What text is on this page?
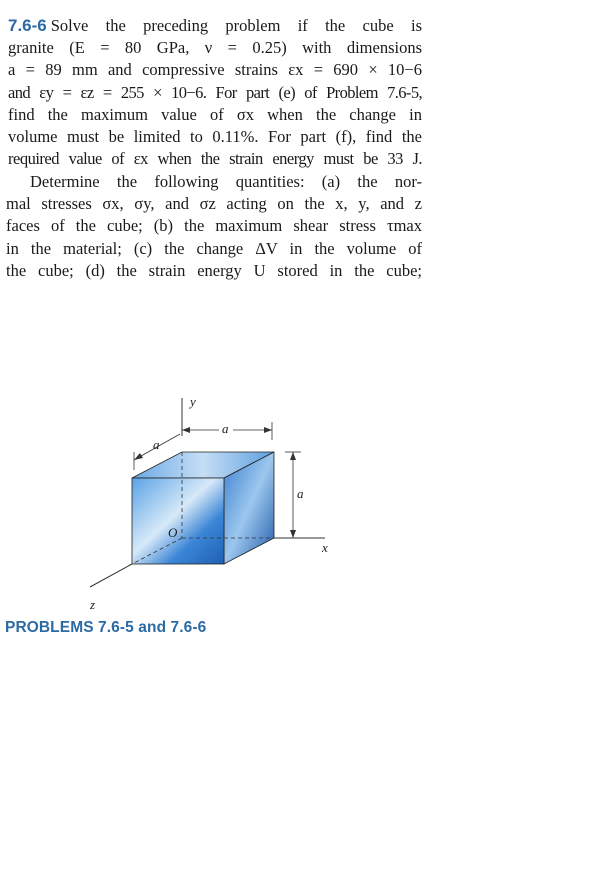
7.6-6 Solve the preceding problem if the cube is
granite (E = 80 GPa, ν = 0.25) with dimensions
a = 89 mm and compressive strains εx = 690 × 10−6
and εy = εz = 255 × 10−6. For part (e) of Problem 7.6-5,
find the maximum value of σx when the change in
volume must be limited to 0.11%. For part (f), find the
required value of εx when the strain energy must be 33 J.
Determine the following quantities: (a) the nor-
mal stresses σx, σy, and σz acting on the x, y, and z
faces of the cube; (b) the maximum shear stress τmax
in the material; (c) the change ΔV in the volume of
the cube; (d) the strain energy U stored in the cube;
y
a
a
a
x
z
O
PROBLEMS 7.6-5 and 7.6-6
